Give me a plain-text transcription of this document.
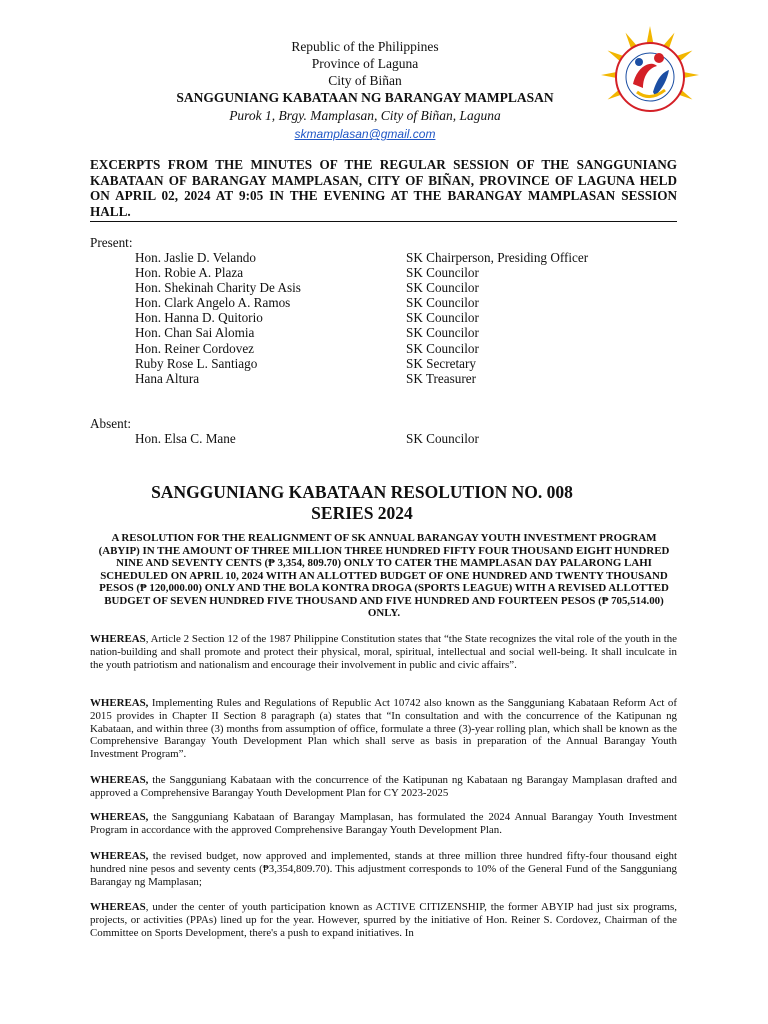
Republic of the Philippines
Province of Laguna
City of Biñan
SANGGUNIANG KABATAAN NG BARANGAY MAMPLASAN
Purok 1, Brgy. Mamplasan, City of Biñan, Laguna
skmamplasan@gmail.com
EXCERPTS FROM THE MINUTES OF THE REGULAR SESSION OF THE SANGGUNIANG KABATAAN OF BARANGAY MAMPLASAN, CITY OF BIÑAN, PROVINCE OF LAGUNA HELD ON APRIL 02, 2024 AT 9:05 IN THE EVENING AT THE BARANGAY MAMPLASAN SESSION HALL.
Present:
Hon. Jaslie D. Velando	SK Chairperson, Presiding Officer
Hon. Robie A. Plaza	SK Councilor
Hon. Shekinah Charity De Asis	SK Councilor
Hon. Clark Angelo A. Ramos	SK Councilor
Hon. Hanna D. Quitorio	SK Councilor
Hon. Chan Sai Alomia	SK Councilor
Hon. Reiner Cordovez	SK Councilor
Ruby Rose L. Santiago	SK Secretary
Hana Altura	SK Treasurer
Absent:
Hon. Elsa C. Mane	SK Councilor
SANGGUNIANG KABATAAN RESOLUTION NO. 008
SERIES 2024
A RESOLUTION FOR THE REALIGNMENT OF SK ANNUAL BARANGAY YOUTH INVESTMENT PROGRAM (ABYIP) IN THE AMOUNT OF THREE MILLION THREE HUNDRED FIFTY FOUR THOUSAND EIGHT HUNDRED NINE AND SEVENTY CENTS (₱ 3,354, 809.70) ONLY TO CATER THE MAMPLASAN DAY PALARONG LAHI SCHEDULED ON APRIL 10, 2024 WITH AN ALLOTTED BUDGET OF ONE HUNDRED AND TWENTY THOUSAND PESOS (₱ 120,000.00) ONLY AND THE BOLA KONTRA DROGA (SPORTS LEAGUE) WITH A REVISED ALLOTTED BUDGET OF SEVEN HUNDRED FIVE THOUSAND AND FIVE HUNDRED AND FOURTEEN PESOS (₱ 705,514.00) ONLY.
WHEREAS, Article 2 Section 12 of the 1987 Philippine Constitution states that “the State recognizes the vital role of the youth in the nation-building and shall promote and protect their physical, moral, spiritual, intellectual and social well-being. It shall inculcate in the youth patriotism and nationalism and encourage their involvement in public and civic affairs”.
WHEREAS, Implementing Rules and Regulations of Republic Act 10742 also known as the Sangguniang Kabataan Reform Act of 2015 provides in Chapter II Section 8 paragraph (a) states that “In consultation and with the concurrence of the Katipunan ng Kabataan, and within three (3) months from assumption of office, formulate a three (3)-year rolling plan, which shall be known as the Comprehensive Barangay Youth Development Plan which shall serve as basis in preparation of the Annual Barangay Youth Investment Program”.
WHEREAS, the Sangguniang Kabataan with the concurrence of the Katipunan ng Kabataan ng Barangay Mamplasan drafted and approved a Comprehensive Barangay Youth Development Plan for CY 2023-2025
WHEREAS, the Sangguniang Kabataan of Barangay Mamplasan, has formulated the 2024 Annual Barangay Youth Investment Program in accordance with the approved Comprehensive Barangay Youth Development Plan.
WHEREAS, the revised budget, now approved and implemented, stands at three million three hundred fifty-four thousand eight hundred nine pesos and seventy cents (₱3,354,809.70). This adjustment corresponds to 10% of the General Fund of the Sangguniang Barangay ng Mamplasan;
WHEREAS, under the center of youth participation known as ACTIVE CITIZENSHIP, the former ABYIP had just six programs, projects, or activities (PPAs) lined up for the year. However, spurred by the initiative of Hon. Reiner S. Cordovez, Chairman of the Committee on Sports Development, there's a push to expand initiatives. In
